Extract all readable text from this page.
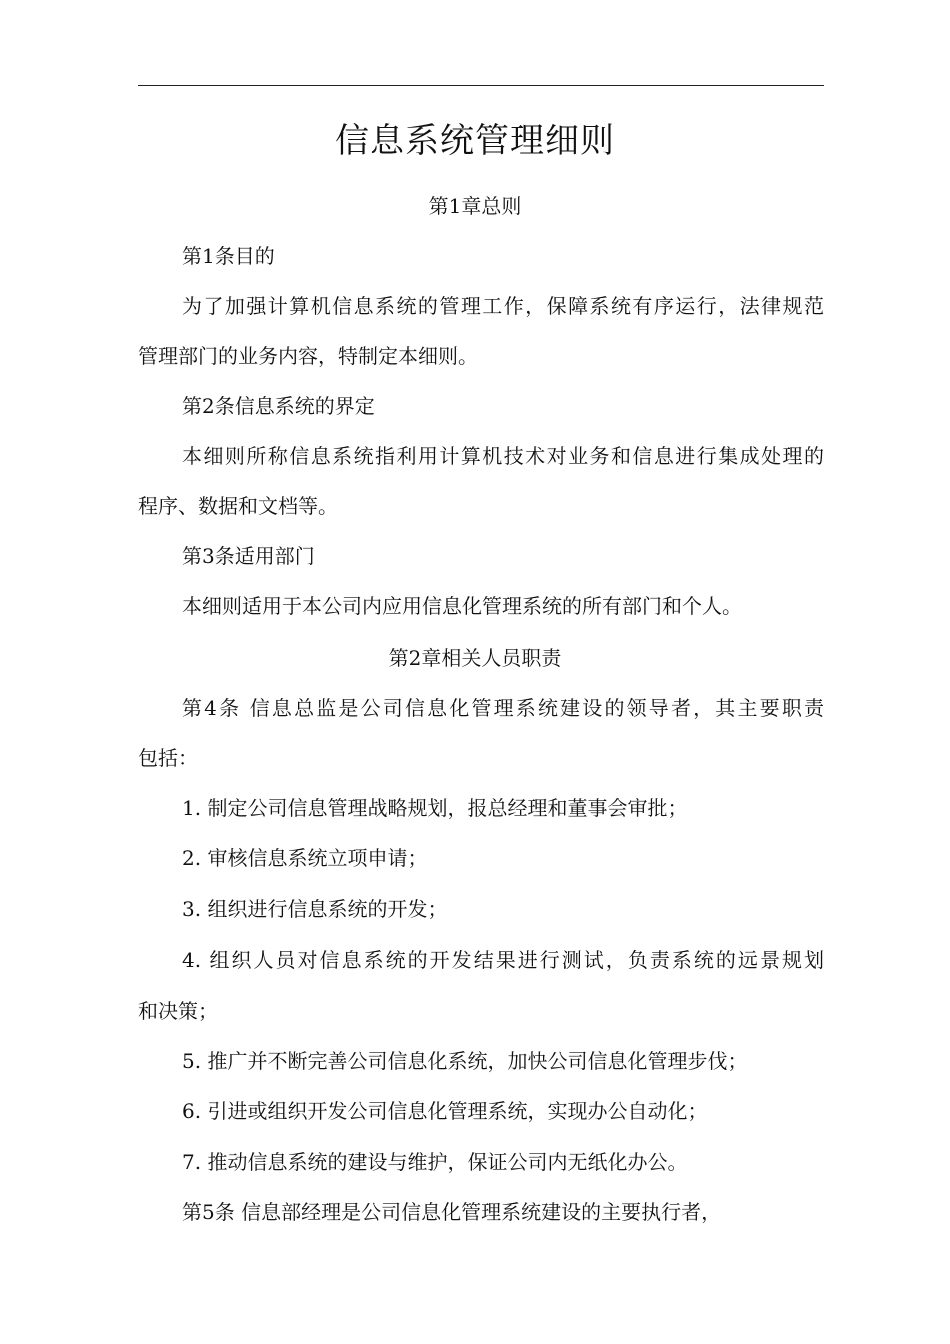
信息系统管理细则

第1章总则

第1条目的

为了加强计算机信息系统的管理工作，保障系统有序运行，法律规范

管理部门的业务内容，特制定本细则。

第2条信息系统的界定

本细则所称信息系统指利用计算机技术对业务和信息进行集成处理的

程序、数据和文档等。

第3条适用部门

本细则适用于本公司内应用信息化管理系统的所有部门和个人。

第2章相关人员职责

第4条 信息总监是公司信息化管理系统建设的领导者，其主要职责

包括：

1. 制定公司信息管理战略规划，报总经理和董事会审批；

2. 审核信息系统立项申请；

3. 组织进行信息系统的开发；

4. 组织人员对信息系统的开发结果进行测试，负责系统的远景规划

和决策；

5. 推广并不断完善公司信息化系统，加快公司信息化管理步伐；

6. 引进或组织开发公司信息化管理系统，实现办公自动化；

7. 推动信息系统的建设与维护，保证公司内无纸化办公。

第5条 信息部经理是公司信息化管理系统建设的主要执行者，
